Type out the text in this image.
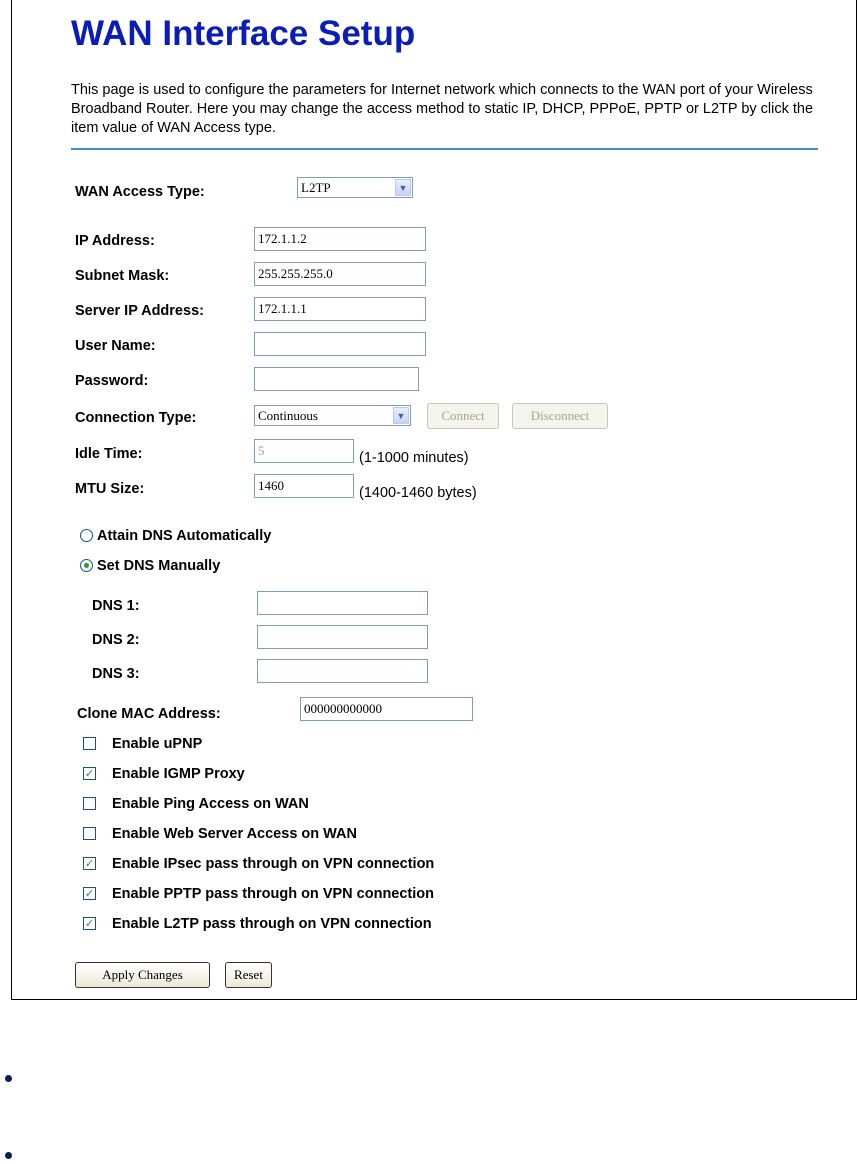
WAN Interface Setup
This page is used to configure the parameters for Internet network which connects to the WAN port of your Wireless Broadband Router. Here you may change the access method to static IP, DHCP, PPPoE, PPTP or L2TP by click the item value of WAN Access type.
WAN Access Type:	L2TP	▼
IP Address:
172.1.1.2
Subnet Mask:
255.255.255.0
Server IP Address:
172.1.1.1
User Name:
Password:
Connection Type:	Continuous	▼	Connect	Disconnect
Idle Time:
5	(1-1000 minutes)
MTU Size:
1460	(1400-1460 bytes)
Attain DNS Automatically
Set DNS Manually
DNS 1:
DNS 2:
DNS 3:
Clone MAC Address:
000000000000
Enable uPNP
✓ Enable IGMP Proxy
Enable Ping Access on WAN
Enable Web Server Access on WAN
✓ Enable IPsec pass through on VPN connection
✓ Enable PPTP pass through on VPN connection
✓ Enable L2TP pass through on VPN connection
Apply Changes	Reset
